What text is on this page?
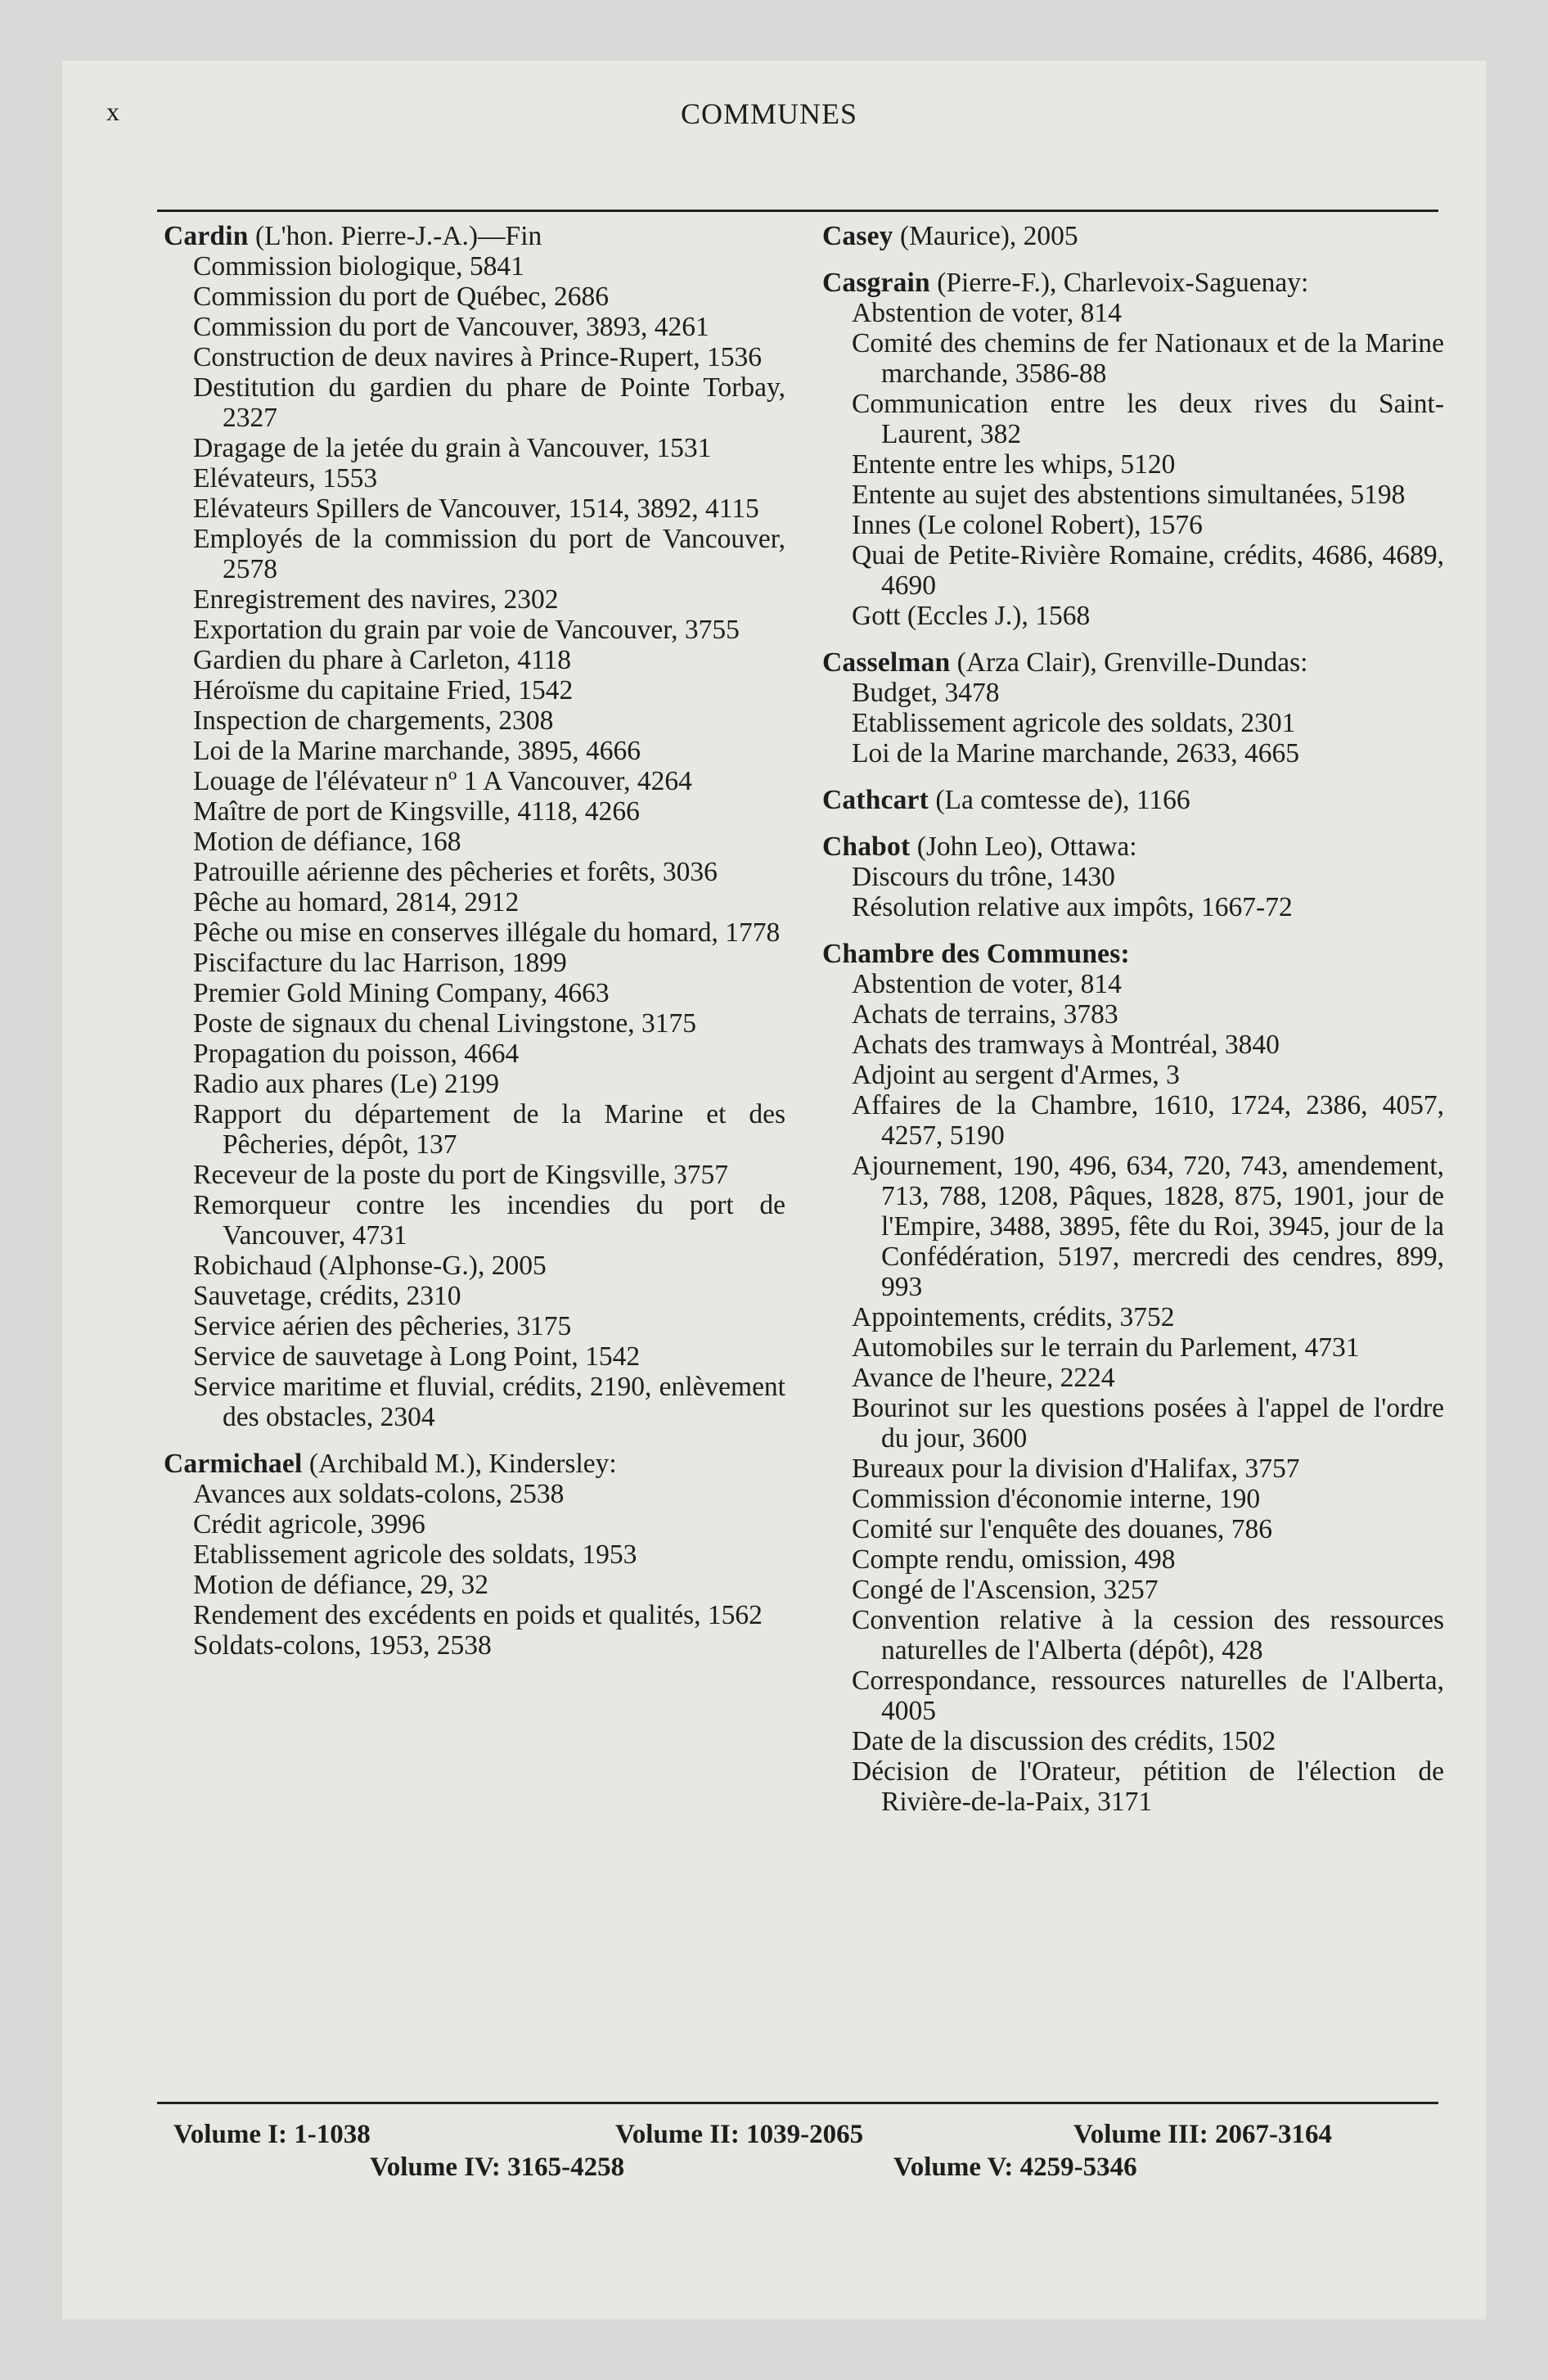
x	COMMUNES
Cardin (L'hon. Pierre-J.-A.)—Fin

Commission biologique, 5841

Commission du port de Québec, 2686

Commission du port de Vancouver, 3893, 4261

Construction de deux navires à Prince-Rupert, 1536

Destitution du gardien du phare de Pointe Torbay, 2327

Dragage de la jetée du grain à Vancouver, 1531

Elévateurs, 1553

Elévateurs Spillers de Vancouver, 1514, 3892, 4115

Employés de la commission du port de Vancouver, 2578

Enregistrement des navires, 2302

Exportation du grain par voie de Vancouver, 3755

Gardien du phare à Carleton, 4118

Héroïsme du capitaine Fried, 1542

Inspection de chargements, 2308

Loi de la Marine marchande, 3895, 4666

Louage de l'élévateur nº 1 A Vancouver, 4264

Maître de port de Kingsville, 4118, 4266

Motion de défiance, 168

Patrouille aérienne des pêcheries et forêts, 3036

Pêche au homard, 2814, 2912

Pêche ou mise en conserves illégale du homard, 1778

Piscifacture du lac Harrison, 1899

Premier Gold Mining Company, 4663

Poste de signaux du chenal Livingstone, 3175

Propagation du poisson, 4664

Radio aux phares (Le) 2199

Rapport du département de la Marine et des Pêcheries, dépôt, 137

Receveur de la poste du port de Kingsville, 3757

Remorqueur contre les incendies du port de Vancouver, 4731

Robichaud (Alphonse-G.), 2005

Sauvetage, crédits, 2310

Service aérien des pêcheries, 3175

Service de sauvetage à Long Point, 1542

Service maritime et fluvial, crédits, 2190, enlèvement des obstacles, 2304

Carmichael (Archibald M.), Kindersley:

Avances aux soldats-colons, 2538

Crédit agricole, 3996

Etablissement agricole des soldats, 1953

Motion de défiance, 29, 32

Rendement des excédents en poids et qualités, 1562

Soldats-colons, 1953, 2538

Casey (Maurice), 2005
Casgrain (Pierre-F.), Charlevoix-Saguenay:

Abstention de voter, 814

Comité des chemins de fer Nationaux et de la Marine marchande, 3586-88

Communication entre les deux rives du Saint-Laurent, 382

Entente entre les whips, 5120

Entente au sujet des abstentions simultanées, 5198

Innes (Le colonel Robert), 1576

Quai de Petite-Rivière Romaine, crédits, 4686, 4689, 4690

Gott (Eccles J.), 1568

Casselman (Arza Clair), Grenville-Dundas:

Budget, 3478

Etablissement agricole des soldats, 2301

Loi de la Marine marchande, 2633, 4665

Cathcart (La comtesse de), 1166
Chabot (John Leo), Ottawa:

Discours du trône, 1430

Résolution relative aux impôts, 1667-72

Chambre des Communes:

Abstention de voter, 814

Achats de terrains, 3783

Achats des tramways à Montréal, 3840

Adjoint au sergent d'Armes, 3

Affaires de la Chambre, 1610, 1724, 2386, 4057, 4257, 5190

Ajournement, 190, 496, 634, 720, 743, amendement, 713, 788, 1208, Pâques, 1828, 875, 1901, jour de l'Empire, 3488, 3895, fête du Roi, 3945, jour de la Confédération, 5197, mercredi des cendres, 899, 993

Appointements, crédits, 3752

Automobiles sur le terrain du Parlement, 4731

Avance de l'heure, 2224

Bourinot sur les questions posées à l'appel de l'ordre du jour, 3600

Bureaux pour la division d'Halifax, 3757

Commission d'économie interne, 190

Comité sur l'enquête des douanes, 786

Compte rendu, omission, 498

Congé de l'Ascension, 3257

Convention relative à la cession des ressources naturelles de l'Alberta (dépôt), 428

Correspondance, ressources naturelles de l'Alberta, 4005

Date de la discussion des crédits, 1502

Décision de l'Orateur, pétition de l'élection de Rivière-de-la-Paix, 3171

Volume I: 1-1038	Volume II: 1039-2065	Volume III: 2067-3164
Volume IV: 3165-4258	Volume V: 4259-5346
